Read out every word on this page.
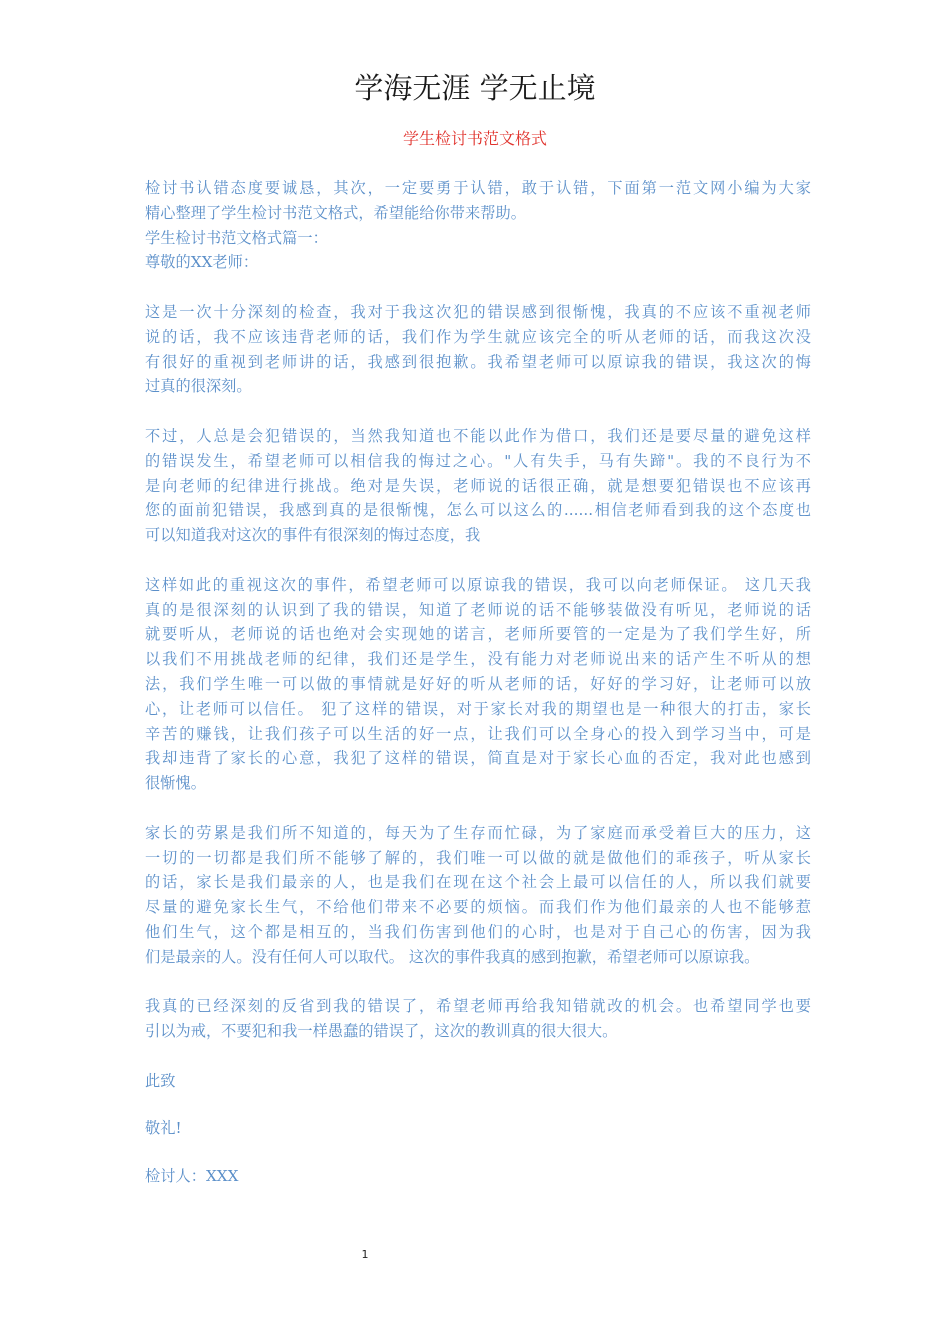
学海无涯 学无止境
学生检讨书范文格式
检讨书认错态度要诚恳，其次，一定要勇于认错，敢于认错，下面第一范文网小编为大家
精心整理了学生检讨书范文格式，希望能给你带来帮助。
学生检讨书范文格式篇一：
尊敬的XX老师：
这是一次十分深刻的检查，我对于我这次犯的错误感到很惭愧，我真的不应该不重视老师
说的话，我不应该违背老师的话，我们作为学生就应该完全的听从老师的话，而我这次没
有很好的重视到老师讲的话，我感到很抱歉。我希望老师可以原谅我的错误，我这次的悔
过真的很深刻。
不过，人总是会犯错误的，当然我知道也不能以此作为借口，我们还是要尽量的避免这样
的错误发生，希望老师可以相信我的悔过之心。"人有失手，马有失蹄"。我的不良行为不
是向老师的纪律进行挑战。绝对是失误，老师说的话很正确，就是想要犯错误也不应该再
您的面前犯错误，我感到真的是很惭愧，怎么可以这么的......相信老师看到我的这个态度也
可以知道我对这次的事件有很深刻的悔过态度，我
这样如此的重视这次的事件，希望老师可以原谅我的错误，我可以向老师保证。 这几天我
真的是很深刻的认识到了我的错误，知道了老师说的话不能够装做没有听见，老师说的话
就要听从，老师说的话也绝对会实现她的诺言，老师所要管的一定是为了我们学生好，所
以我们不用挑战老师的纪律，我们还是学生，没有能力对老师说出来的话产生不听从的想
法，我们学生唯一可以做的事情就是好好的听从老师的话，好好的学习好，让老师可以放
心，让老师可以信任。 犯了这样的错误，对于家长对我的期望也是一种很大的打击，家长
辛苦的赚钱，让我们孩子可以生活的好一点，让我们可以全身心的投入到学习当中，可是
我却违背了家长的心意，我犯了这样的错误，简直是对于家长心血的否定，我对此也感到
很惭愧。
家长的劳累是我们所不知道的，每天为了生存而忙碌，为了家庭而承受着巨大的压力，这
一切的一切都是我们所不能够了解的，我们唯一可以做的就是做他们的乖孩子，听从家长
的话，家长是我们最亲的人，也是我们在现在这个社会上最可以信任的人，所以我们就要
尽量的避免家长生气，不给他们带来不必要的烦恼。而我们作为他们最亲的人也不能够惹
他们生气，这个都是相互的，当我们伤害到他们的心时，也是对于自己心的伤害，因为我
们是最亲的人。没有任何人可以取代。 这次的事件我真的感到抱歉，希望老师可以原谅我。
我真的已经深刻的反省到我的错误了，希望老师再给我知错就改的机会。也希望同学也要
引以为戒，不要犯和我一样愚蠢的错误了，这次的教训真的很大很大。
此致
敬礼!
检讨人：XXX
1
